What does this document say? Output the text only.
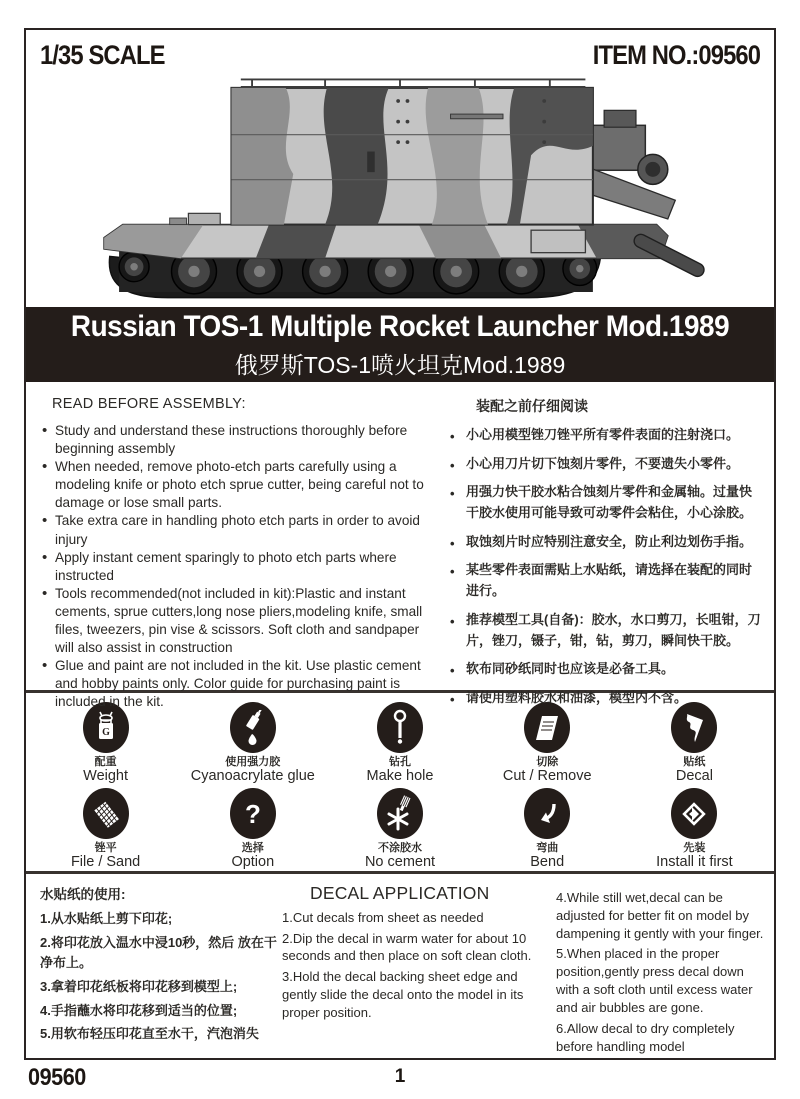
1/35 SCALE	ITEM NO.:09560
Russian TOS-1 Multiple Rocket Launcher Mod.1989
俄罗斯TOS-1喷火坦克Mod.1989
READ BEFORE ASSEMBLY:
• Study and understand these instructions thoroughly before beginning assembly
• When needed, remove photo-etch parts carefully using a modeling knife or photo etch sprue cutter, being careful not to damage or lose small parts.
• Take extra care in handling photo etch parts in order to avoid injury
• Apply instant cement sparingly to photo etch parts where instructed
• Tools recommended(not included in kit):Plastic and instant cements, sprue cutters,long nose pliers,modeling knife, small files, tweezers, pin vise & scissors. Soft cloth and sandpaper will also assist in construction
• Glue and paint are not included in the kit. Use plastic cement and hobby paints only. Color guide for purchasing paint is included in the kit.
装配之前仔细阅读
• 小心用模型锉刀锉平所有零件表面的注射浇口。
• 小心用刀片切下蚀刻片零件，不要遗失小零件。
• 用强力快干胶水粘合蚀刻片零件和金属轴。过量快干胶水使用可能导致可动零件会粘住，小心涂胶。
• 取蚀刻片时应特别注意安全，防止利边划伤手指。
• 某些零件表面需贴上水贴纸，请选择在装配的同时进行。
• 推荐模型工具(自备)：胶水，水口剪刀，长咀钳，刀片，锉刀，镊子，钳，钻，剪刀，瞬间快干胶。
• 软布同砂纸同时也应该是必备工具。
• 请使用塑料胶水和油漆，模型内不含。
G
配重
Weight
使用强力胶
Cyanoacrylate glue
钻孔
Make hole
切除
Cut / Remove
贴纸
Decal
锉平
File / Sand
?
选择
Option
不涂胶水
No cement
弯曲
Bend
先装
Install it first
水贴纸的使用:
1.从水贴纸上剪下印花;
2.将印花放入温水中浸10秒，然后 放在干净布上。
3.拿着印花纸板将印花移到模型上;
4.手指蘸水将印花移到适当的位置;
5.用软布轻压印花直至水干，汽泡消失
DECAL APPLICATION
1.Cut decals from sheet as needed
2.Dip the decal in warm water for about 10 seconds and then place on soft clean cloth.
3.Hold the decal backing sheet edge and gently slide the decal onto the model in its proper position.
4.While still wet,decal can be adjusted for better fit on model by dampening it gently with your finger.
5.When placed in the proper position,gently press decal down with a soft cloth until excess water and air bubbles are gone.
6.Allow decal to dry completely before handling model
09560	1
